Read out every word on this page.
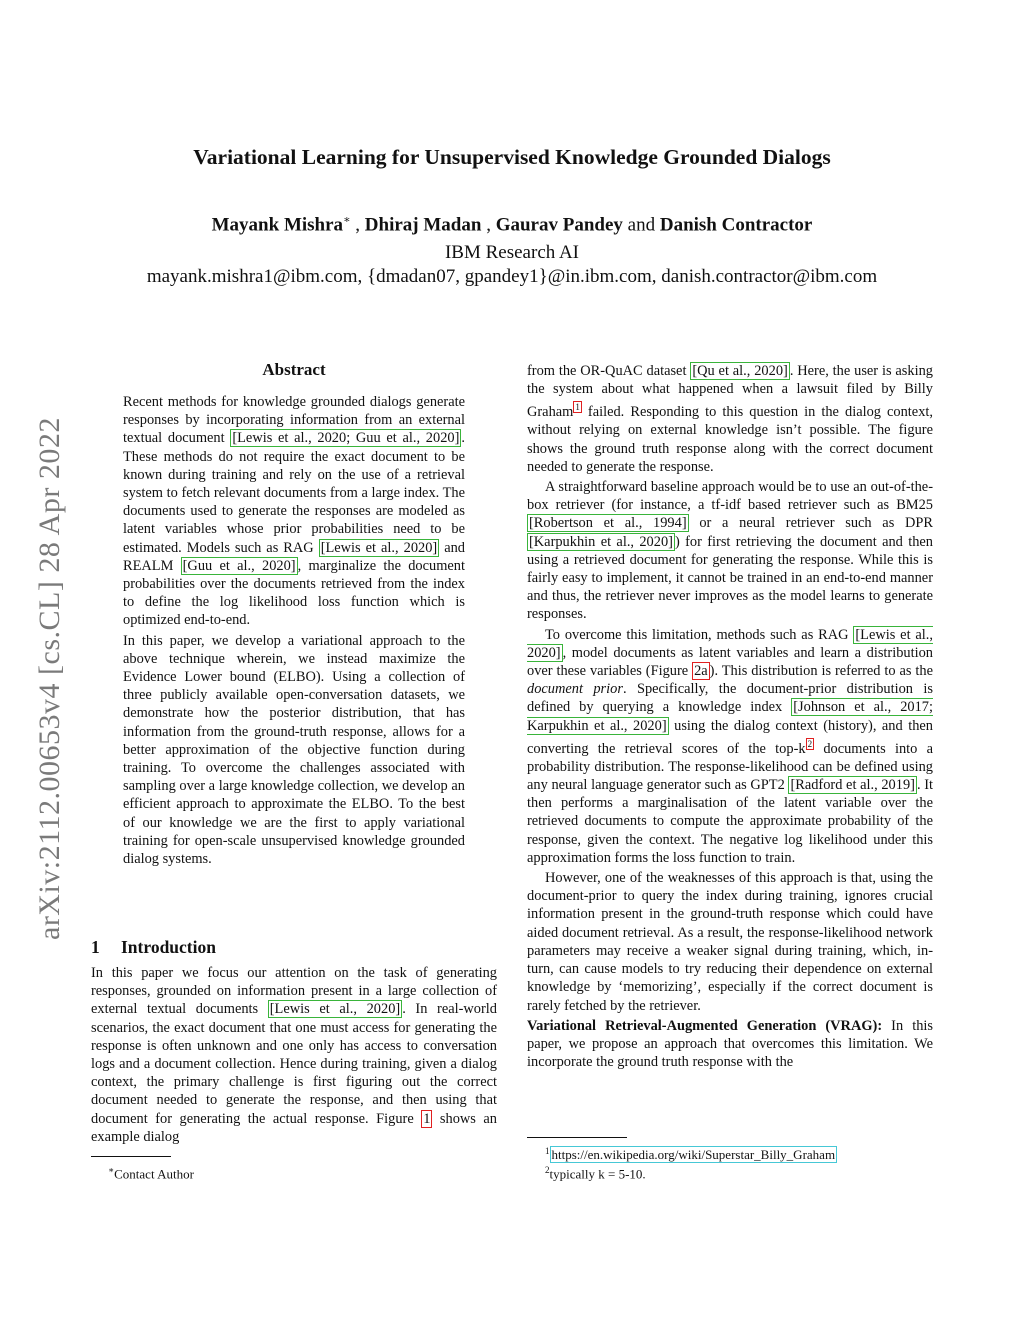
arXiv:2112.00653v4 [cs.CL] 28 Apr 2022
Variational Learning for Unsupervised Knowledge Grounded Dialogs
Mayank Mishra∗ , Dhiraj Madan , Gaurav Pandey and Danish Contractor
IBM Research AI
mayank.mishra1@ibm.com, {dmadan07, gpandey1}@in.ibm.com, danish.contractor@ibm.com
Abstract

Recent methods for knowledge grounded dialogs generate responses by incorporating information from an external textual document [Lewis et al., 2020; Guu et al., 2020] . These methods do not require the exact document to be known during training and rely on the use of a retrieval system to fetch relevant documents from a large index. The documents used to generate the responses are modeled as latent variables whose prior probabilities need to be estimated. Models such as RAG [Lewis et al., 2020] and REALM [Guu et al., 2020] , marginalize the document probabilities over the documents retrieved from the index to define the log likelihood loss function which is optimized end-to-end.

In this paper, we develop a variational approach to the above technique wherein, we instead maximize the Evidence Lower bound (ELBO). Using a collection of three publicly available open-conversation datasets, we demonstrate how the posterior distribution, that has information from the ground-truth response, allows for a better approximation of the objective function during training. To overcome the challenges associated with sampling over a large knowledge collection, we develop an efficient approach to approximate the ELBO. To the best of our knowledge we are the first to apply variational training for open-scale unsupervised knowledge grounded dialog systems.

1 Introduction

In this paper we focus our attention on the task of generating responses, grounded on information present in a large collection of external textual documents [Lewis et al., 2020] . In real-world scenarios, the exact document that one must access for generating the response is often unknown and one only has access to conversation logs and a document collection. Hence during training, given a dialog context, the primary challenge is first figuring out the correct document needed to generate the response, and then using that document for generating the actual response. Figure 1 shows an example dialog

∗Contact Author

from the OR-QuAC dataset [Qu et al., 2020] . Here, the user is asking the system about what happened when a lawsuit filed by Billy Graham $^1$ failed. Responding to this question in the dialog context, without relying on external knowledge isn’t possible. The figure shows the ground truth response along with the correct document needed to generate the response.

A straightforward baseline approach would be to use an out-of-the-box retriever (for instance, a tf-idf based retriever such as BM25 [Robertson et al., 1994] or a neural retriever such as DPR [Karpukhin et al., 2020] ) for first retrieving the document and then using a retrieved document for generating the response. While this is fairly easy to implement, it cannot be trained in an end-to-end manner and thus, the retriever never improves as the model learns to generate responses.

To overcome this limitation, methods such as RAG [Lewis et al., 2020] , model documents as latent variables and learn a distribution over these variables (Figure 2a ). This distribution is referred to as the document prior. Specifically, the document-prior distribution is defined by querying a knowledge index [Johnson et al., 2017; Karpukhin et al., 2020] using the dialog context (history), and then converting the retrieval scores of the top-k $^2$ documents into a probability distribution. The response-likelihood can be defined using any neural language generator such as GPT2 [Radford et al., 2019] . It then performs a marginalisation of the latent variable over the retrieved documents to compute the approximate probability of the response, given the context. The negative log likelihood under this approximation forms the loss function to train.

However, one of the weaknesses of this approach is that, using the document-prior to query the index during training, ignores crucial information present in the ground-truth response which could have aided document retrieval. As a result, the response-likelihood network parameters may receive a weaker signal during training, which, in-turn, can cause models to try reducing their dependence on external knowledge by ‘memorizing’, especially if the correct document is rarely fetched by the retriever.

Variational Retrieval-Augmented Generation (VRAG): In this paper, we propose an approach that overcomes this limitation. We incorporate the ground truth response with the

$^1$ https://en.wikipedia.org/wiki/Superstar_Billy_Graham
$^2$typically k = 5-10.
